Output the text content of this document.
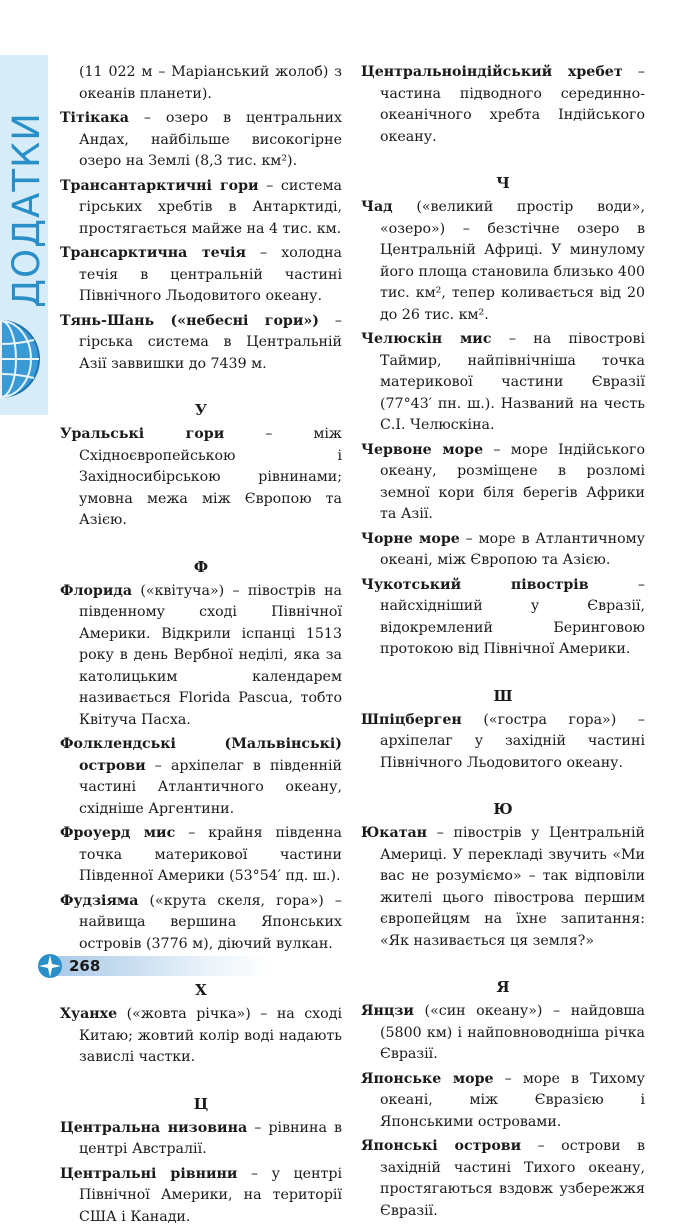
ДОДАТКИ

(11 022 м – Маріанський жолоб) з океанів планети).

Тітікака – озеро в центральних Андах, найбільше високогірне озеро на Землі (8,3 тис. км²).

Трансантарктичні гори – система гірських хребтів в Антарктиді, простягається майже на 4 тис. км.

Трансарктична течія – холодна течія в центральній частині Північного Льодовитого океану.

Тянь-Шань («небесні гори») – гірська система в Центральній Азії заввишки до 7439 м.

У

Уральські гори – між Східноєвропейською і Західносибірською рівнинами; умовна межа між Європою та Азією.

Ф

Флорида («квітуча») – півострів на південному сході Північної Америки. Відкрили іспанці 1513 року в день Вербної неділі, яка за католицьким календарем називається Florida Pascua, тобто Квітуча Пасха.

Фолклендські (Мальвінські) острови – архіпелаг в південній частині Атлантичного океану, східніше Аргентини.

Фроуерд мис – крайня південна точка материкової частини Південної Америки (53°54′ пд. ш.).

Фудзіяма («крута скеля, гора») – найвища вершина Японських островів (3776 м), діючий вулкан.

Х

Хуанхе («жовта річка») – на сході Китаю; жовтий колір воді надають завислі частки.

Ц

Центральна низовина – рівнина в центрі Австралії.

Центральні рівнини – у центрі Північної Америки, на території США і Канади.

Центральноіндійський хребет – частина підводного серединно-океанічного хребта Індійського океану.

Ч

Чад («великий простір води», «озеро») – безстічне озеро в Центральній Африці. У минулому його площа становила близько 400 тис. км², тепер коливається від 20 до 26 тис. км².

Челюскін мис – на півострові Таймир, найпівнічніша точка материкової частини Євразії (77°43′ пн. ш.). Названий на честь С.І. Челюскіна.

Червоне море – море Індійського океану, розміщене в розломі земної кори біля берегів Африки та Азії.

Чорне море – море в Атлантичному океані, між Європою та Азією.

Чукотський півострів – найсхідніший у Євразії, відокремлений Беринговою протокою від Північної Америки.

Ш

Шпіцберген («гостра гора») – архіпелаг у західній частині Північного Льодовитого океану.

Ю

Юкатан – півострів у Центральній Америці. У перекладі звучить «Ми вас не розуміємо» – так відповіли жителі цього півострова першим європейцям на їхне запитання: «Як називається ця земля?»

Я

Янцзи («син океану») – найдовша (5800 км) і найповноводніша річка Євразії.

Японське море – море в Тихому океані, між Євразією і Японськими островами.

Японські острови – острови в західній частині Тихого океану, простягаються вздовж узбережжя Євразії.

268
